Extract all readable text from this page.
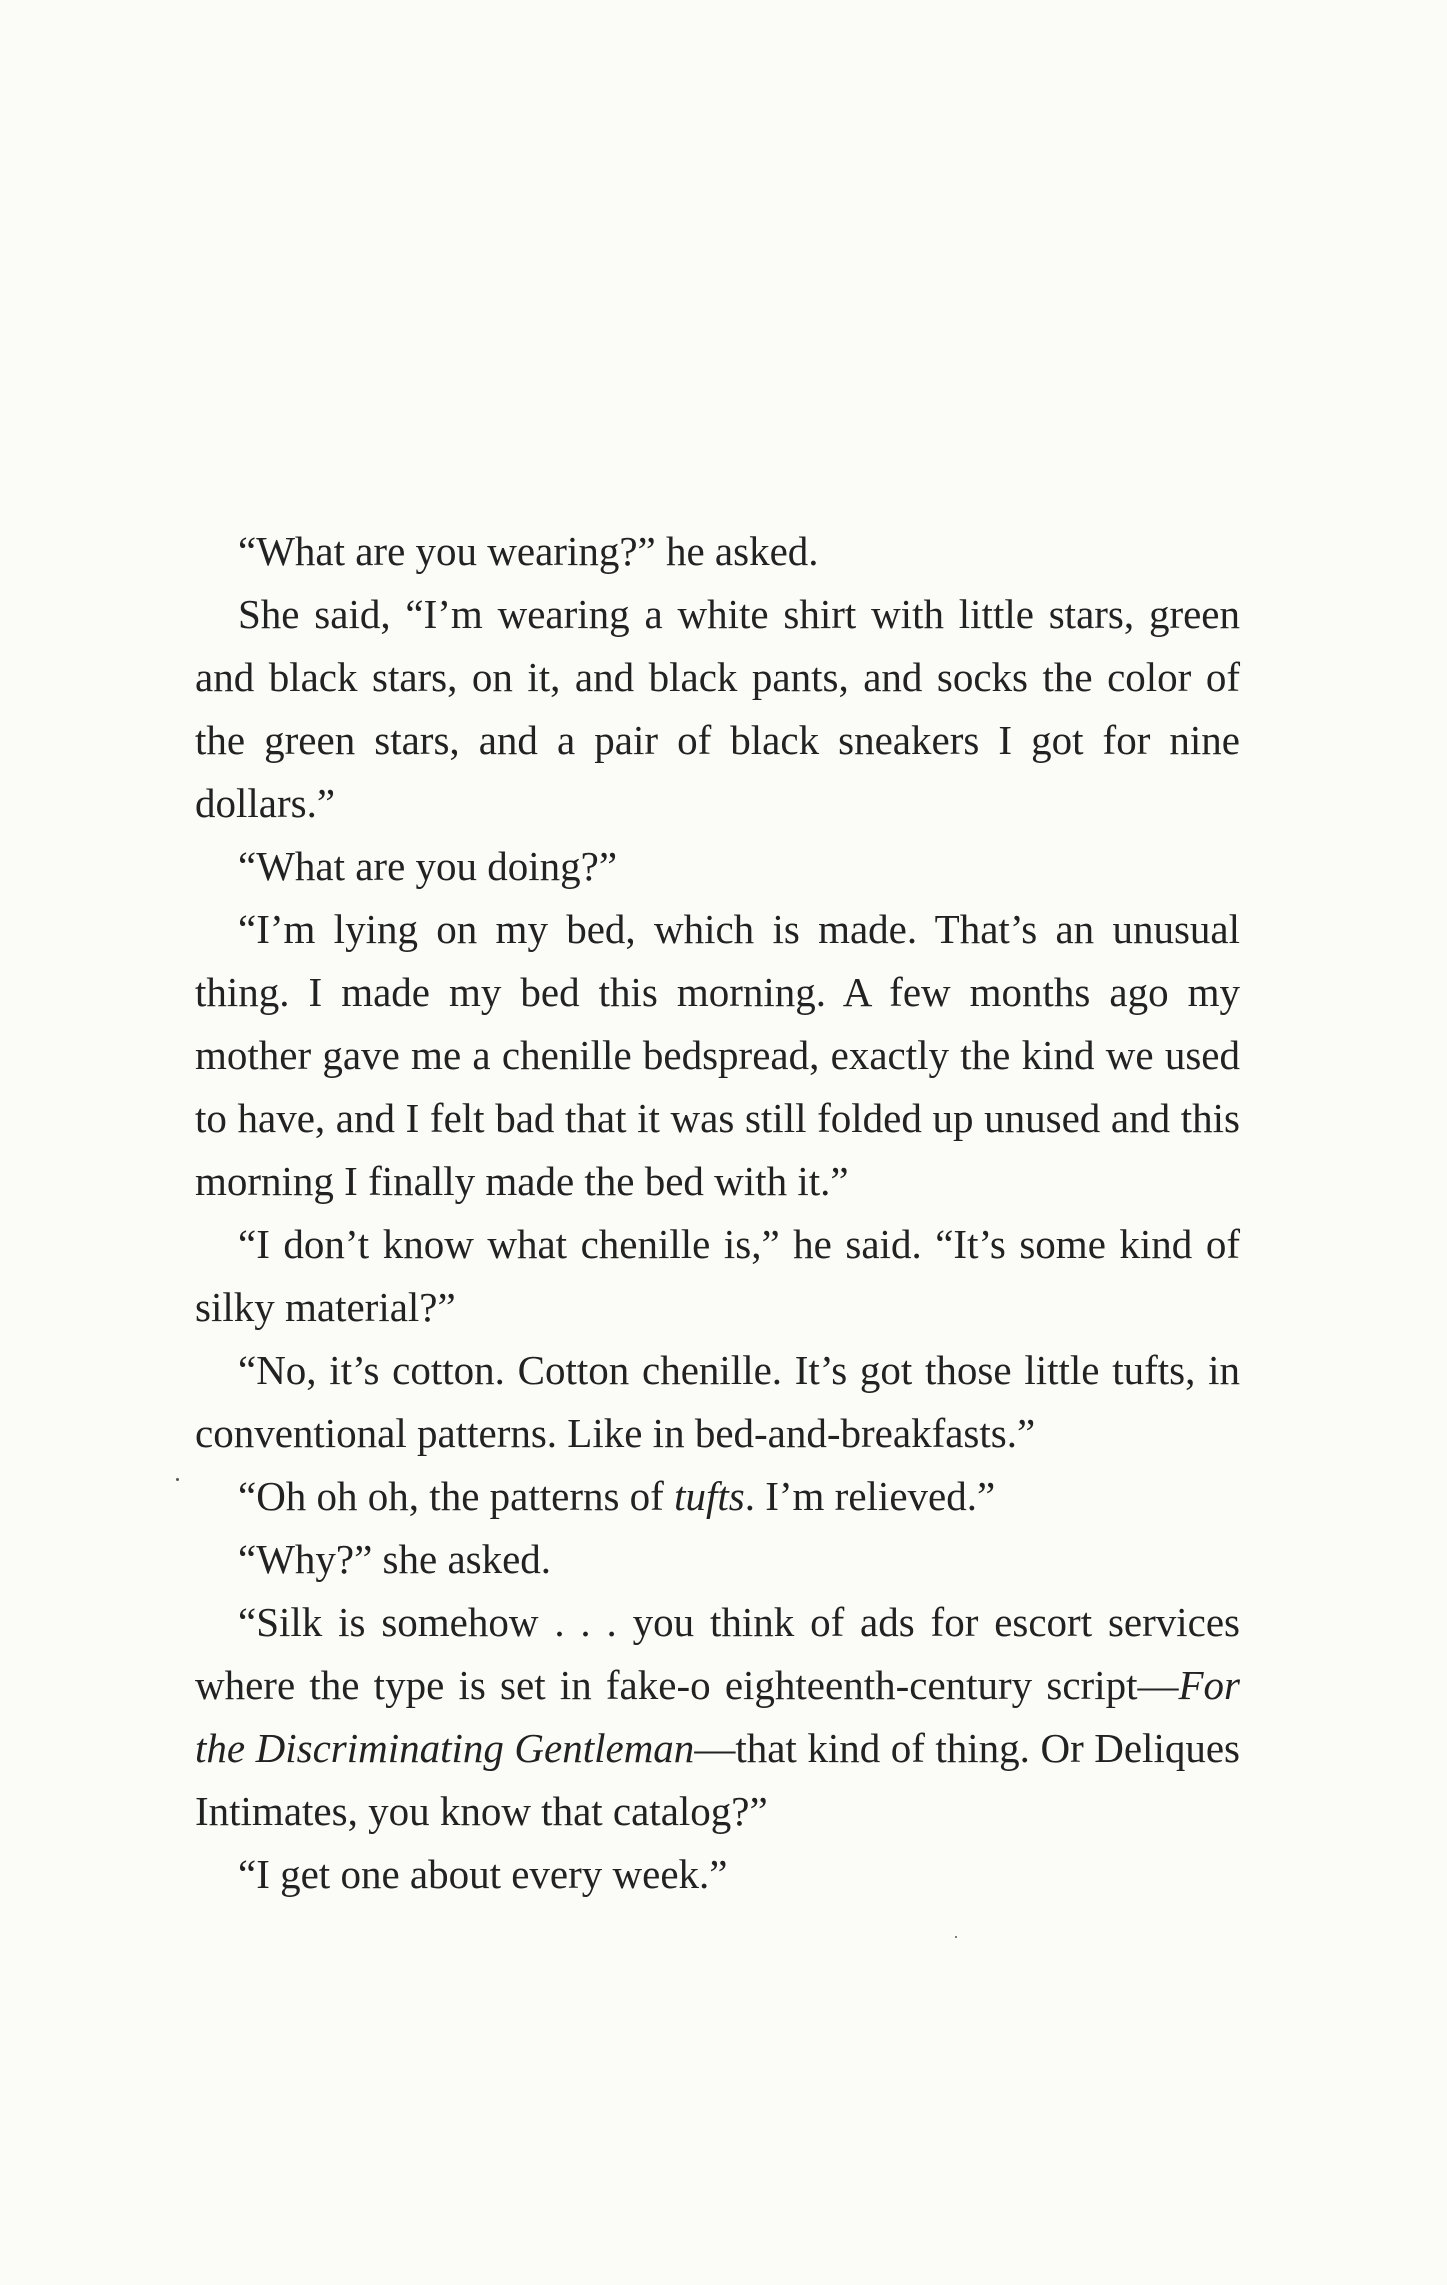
“What are you wearing?” he asked.

She said, “I’m wearing a white shirt with little stars, green and black stars, on it, and black pants, and socks the color of the green stars, and a pair of black sneakers I got for nine dollars.”

“What are you doing?”

“I’m lying on my bed, which is made. That’s an unusual thing. I made my bed this morning. A few months ago my mother gave me a chenille bedspread, exactly the kind we used to have, and I felt bad that it was still folded up unused and this morning I finally made the bed with it.”

“I don’t know what chenille is,” he said. “It’s some kind of silky material?”

“No, it’s cotton. Cotton chenille. It’s got those little tufts, in conventional patterns. Like in bed-and-breakfasts.”

“Oh oh oh, the patterns of tufts. I’m relieved.”

“Why?” she asked.

“Silk is somehow . . . you think of ads for escort services where the type is set in fake-o eighteenth-century script—For the Discriminating Gentleman—that kind of thing. Or Deliques Intimates, you know that catalog?”

“I get one about every week.”
